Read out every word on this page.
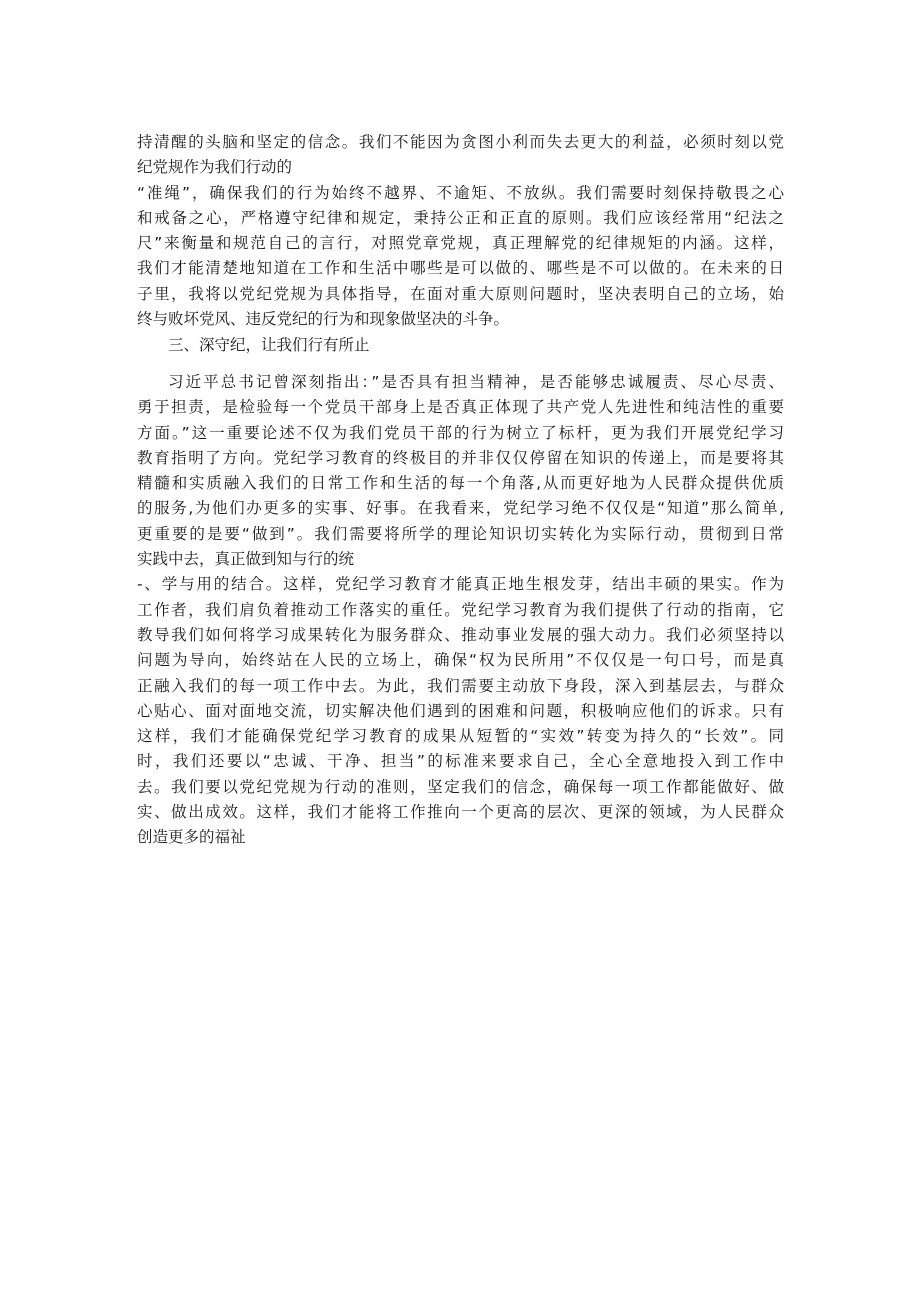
持清醒的头脑和坚定的信念。我们不能因为贪图小利而失去更大的利益，必须时刻以党
纪党规作为我们行动的
“准绳”，确保我们的行为始终不越界、不逾矩、不放纵。我们需要时刻保持敬畏之心
和戒备之心，严格遵守纪律和规定，秉持公正和正直的原则。我们应该经常用“纪法之
尺”来衡量和规范自己的言行，对照党章党规，真正理解党的纪律规矩的内涵。这样，
我们才能清楚地知道在工作和生活中哪些是可以做的、哪些是不可以做的。在未来的日
子里，我将以党纪党规为具体指导，在面对重大原则问题时，坚决表明自己的立场，始
终与败坏党风、违反党纪的行为和现象做坚决的斗争。
三、深守纪，让我们行有所止
习近平总书记曾深刻指出：”是否具有担当精神，是否能够忠诚履责、尽心尽责、
勇于担责，是检验每一个党员干部身上是否真正体现了共产党人先进性和纯洁性的重要
方面。”这一重要论述不仅为我们党员干部的行为树立了标杆，更为我们开展党纪学习
教育指明了方向。党纪学习教育的终极目的并非仅仅停留在知识的传递上，而是要将其
精髓和实质融入我们的日常工作和生活的每一个角落,从而更好地为人民群众提供优质
的服务,为他们办更多的实事、好事。在我看来，党纪学习绝不仅仅是“知道”那么简单,
更重要的是要“做到”。我们需要将所学的理论知识切实转化为实际行动，贯彻到日常
实践中去，真正做到知与行的统
-、学与用的结合。这样，党纪学习教育才能真正地生根发芽，结出丰硕的果实。作为
工作者，我们肩负着推动工作落实的重任。党纪学习教育为我们提供了行动的指南，它
教导我们如何将学习成果转化为服务群众、推动事业发展的强大动力。我们必须坚持以
问题为导向，始终站在人民的立场上，确保“权为民所用”不仅仅是一句口号，而是真
正融入我们的每一项工作中去。为此，我们需要主动放下身段，深入到基层去，与群众
心贴心、面对面地交流，切实解决他们遇到的困难和问题，积极响应他们的诉求。只有
这样，我们才能确保党纪学习教育的成果从短暂的“实效”转变为持久的“长效”。同
时，我们还要以“忠诚、干净、担当”的标准来要求自己，全心全意地投入到工作中
去。我们要以党纪党规为行动的准则，坚定我们的信念，确保每一项工作都能做好、做
实、做出成效。这样，我们才能将工作推向一个更高的层次、更深的领域，为人民群众
创造更多的福祉
